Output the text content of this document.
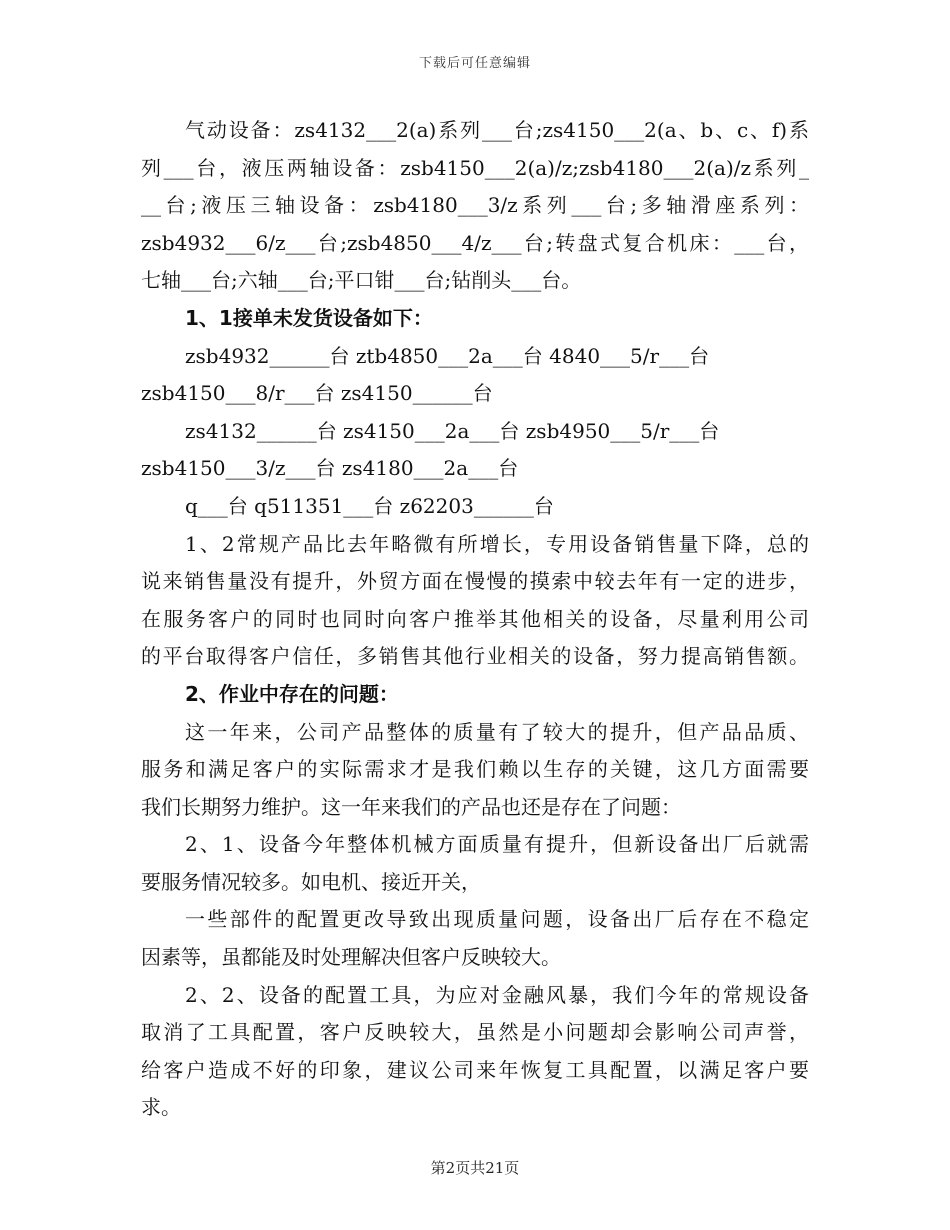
下载后可任意编辑
气动设备：zs4132___2(a)系列___台;zs4150___2(a、b、c、f)系
列___台，液压两轴设备：zsb4150___2(a)/z;zsb4180___2(a)/z系列_
__台;液压三轴设备：zsb4180___3/z系列___台;多轴滑座系列：
zsb4932___6/z___台;zsb4850___4/z___台;转盘式复合机床：___台，
七轴___台;六轴___台;平口钳___台;钻削头___台。
1、1接单未发货设备如下：
zsb4932______台 ztb4850___2a___台 4840___5/r___台
zsb4150___8/r___台 zs4150______台
zs4132______台 zs4150___2a___台 zsb4950___5/r___台
zsb4150___3/z___台 zs4180___2a___台
q___台 q511351___台 z62203______台
1、2常规产品比去年略微有所增长，专用设备销售量下降，总的
说来销售量没有提升，外贸方面在慢慢的摸索中较去年有一定的进步，
在服务客户的同时也同时向客户推举其他相关的设备，尽量利用公司
的平台取得客户信任，多销售其他行业相关的设备，努力提高销售额。
2、作业中存在的问题：
这一年来，公司产品整体的质量有了较大的提升，但产品品质、
服务和满足客户的实际需求才是我们赖以生存的关键，这几方面需要
我们长期努力维护。这一年来我们的产品也还是存在了问题：
2、1、设备今年整体机械方面质量有提升，但新设备出厂后就需
要服务情况较多。如电机、接近开关，
一些部件的配置更改导致出现质量问题，设备出厂后存在不稳定
因素等，虽都能及时处理解决但客户反映较大。
2、2、设备的配置工具，为应对金融风暴，我们今年的常规设备
取消了工具配置，客户反映较大，虽然是小问题却会影响公司声誉，
给客户造成不好的印象，建议公司来年恢复工具配置，以满足客户要
求。
第2页共21页
